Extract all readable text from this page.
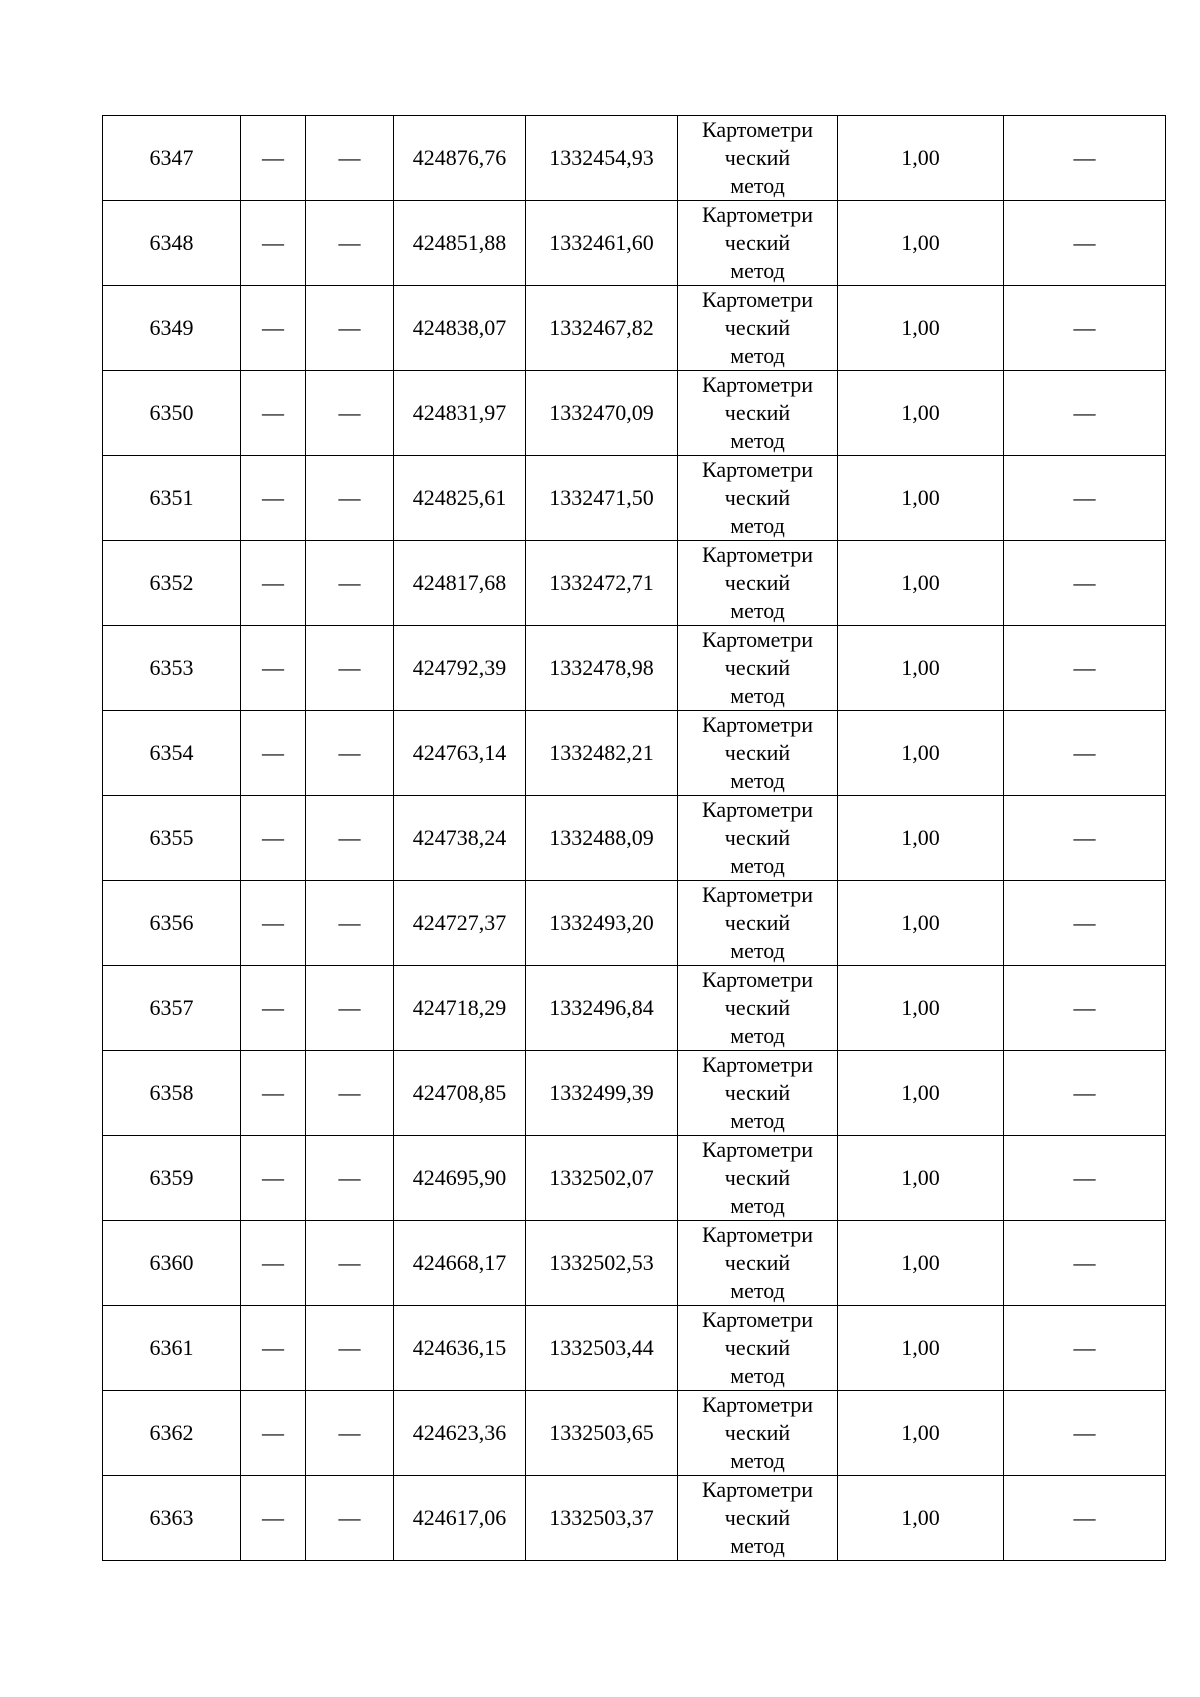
6347	—	—	424876,76	1332454,93	Картометри
ческий
метод	1,00	—
6348	—	—	424851,88	1332461,60	Картометри
ческий
метод	1,00	—
6349	—	—	424838,07	1332467,82	Картометри
ческий
метод	1,00	—
6350	—	—	424831,97	1332470,09	Картометри
ческий
метод	1,00	—
6351	—	—	424825,61	1332471,50	Картометри
ческий
метод	1,00	—
6352	—	—	424817,68	1332472,71	Картометри
ческий
метод	1,00	—
6353	—	—	424792,39	1332478,98	Картометри
ческий
метод	1,00	—
6354	—	—	424763,14	1332482,21	Картометри
ческий
метод	1,00	—
6355	—	—	424738,24	1332488,09	Картометри
ческий
метод	1,00	—
6356	—	—	424727,37	1332493,20	Картометри
ческий
метод	1,00	—
6357	—	—	424718,29	1332496,84	Картометри
ческий
метод	1,00	—
6358	—	—	424708,85	1332499,39	Картометри
ческий
метод	1,00	—
6359	—	—	424695,90	1332502,07	Картометри
ческий
метод	1,00	—
6360	—	—	424668,17	1332502,53	Картометри
ческий
метод	1,00	—
6361	—	—	424636,15	1332503,44	Картометри
ческий
метод	1,00	—
6362	—	—	424623,36	1332503,65	Картометри
ческий
метод	1,00	—
6363	—	—	424617,06	1332503,37	Картометри
ческий
метод	1,00	—
